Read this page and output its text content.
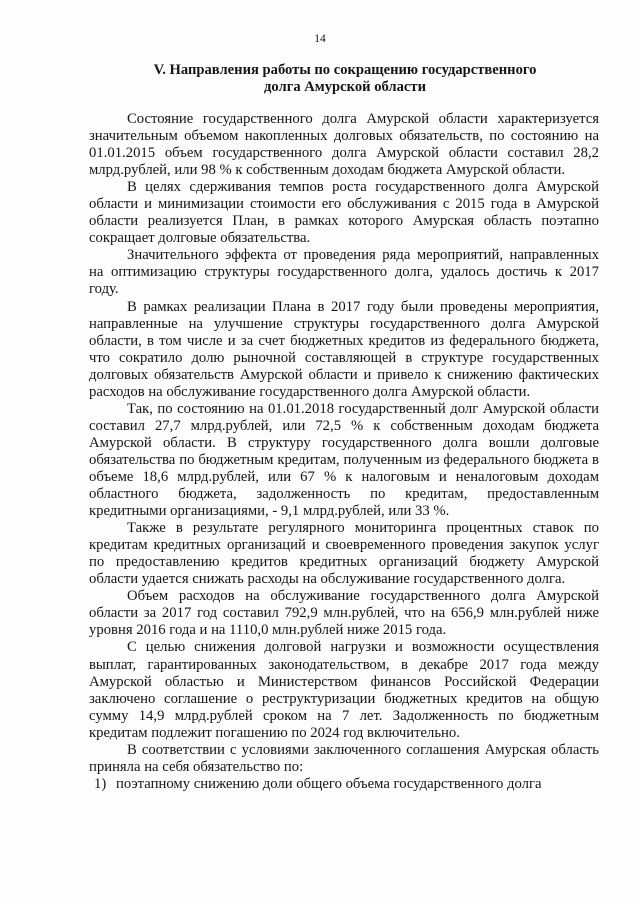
14
V. Направления работы по сокращению государственного
долга Амурской области

Состояние государственного долга Амурской области характеризуется значительным объемом накопленных долговых обязательств, по состоянию на 01.01.2015 объем государственного долга Амурской области составил 28,2 млрд.рублей, или 98 % к собственным доходам бюджета Амурской области.

В целях сдерживания темпов роста государственного долга Амурской области и минимизации стоимости его обслуживания с 2015 года в Амурской области реализуется План, в рамках которого Амурская область поэтапно сокращает долговые обязательства.

Значительного эффекта от проведения ряда мероприятий, направленных на оптимизацию структуры государственного долга, удалось достичь к 2017 году.

В рамках реализации Плана в 2017 году были проведены мероприятия, направленные на улучшение структуры государственного долга Амурской области, в том числе и за счет бюджетных кредитов из федерального бюджета, что сократило долю рыночной составляющей в структуре государственных долговых обязательств Амурской области и привело к снижению фактических расходов на обслуживание государственного долга Амурской области.

Так, по состоянию на 01.01.2018 государственный долг Амурской области составил 27,7 млрд.рублей, или 72,5 % к собственным доходам бюджета Амурской области. В структуру государственного долга вошли долговые обязательства по бюджетным кредитам, полученным из федерального бюджета в объеме 18,6 млрд.рублей, или 67 % к налоговым и неналоговым доходам областного бюджета, задолженность по кредитам, предоставленным кредитными организациями, - 9,1 млрд.рублей, или 33 %.

Также в результате регулярного мониторинга процентных ставок по кредитам кредитных организаций и своевременного проведения закупок услуг по предоставлению кредитов кредитных организаций бюджету Амурской области удается снижать расходы на обслуживание государственного долга.

Объем расходов на обслуживание государственного долга Амурской области за 2017 год составил 792,9 млн.рублей, что на 656,9 млн.рублей ниже уровня 2016 года и на 1110,0 млн.рублей ниже 2015 года.

С целью снижения долговой нагрузки и возможности осуществления выплат, гарантированных законодательством, в декабре 2017 года между Амурской областью и Министерством финансов Российской Федерации заключено соглашение о реструктуризации бюджетных кредитов на общую сумму 14,9 млрд.рублей сроком на 7 лет. Задолженность по бюджетным кредитам подлежит погашению по 2024 год включительно.

В соответствии с условиями заключенного соглашения Амурская область приняла на себя обязательство по:

1) поэтапному снижению доли общего объема государственного долга
